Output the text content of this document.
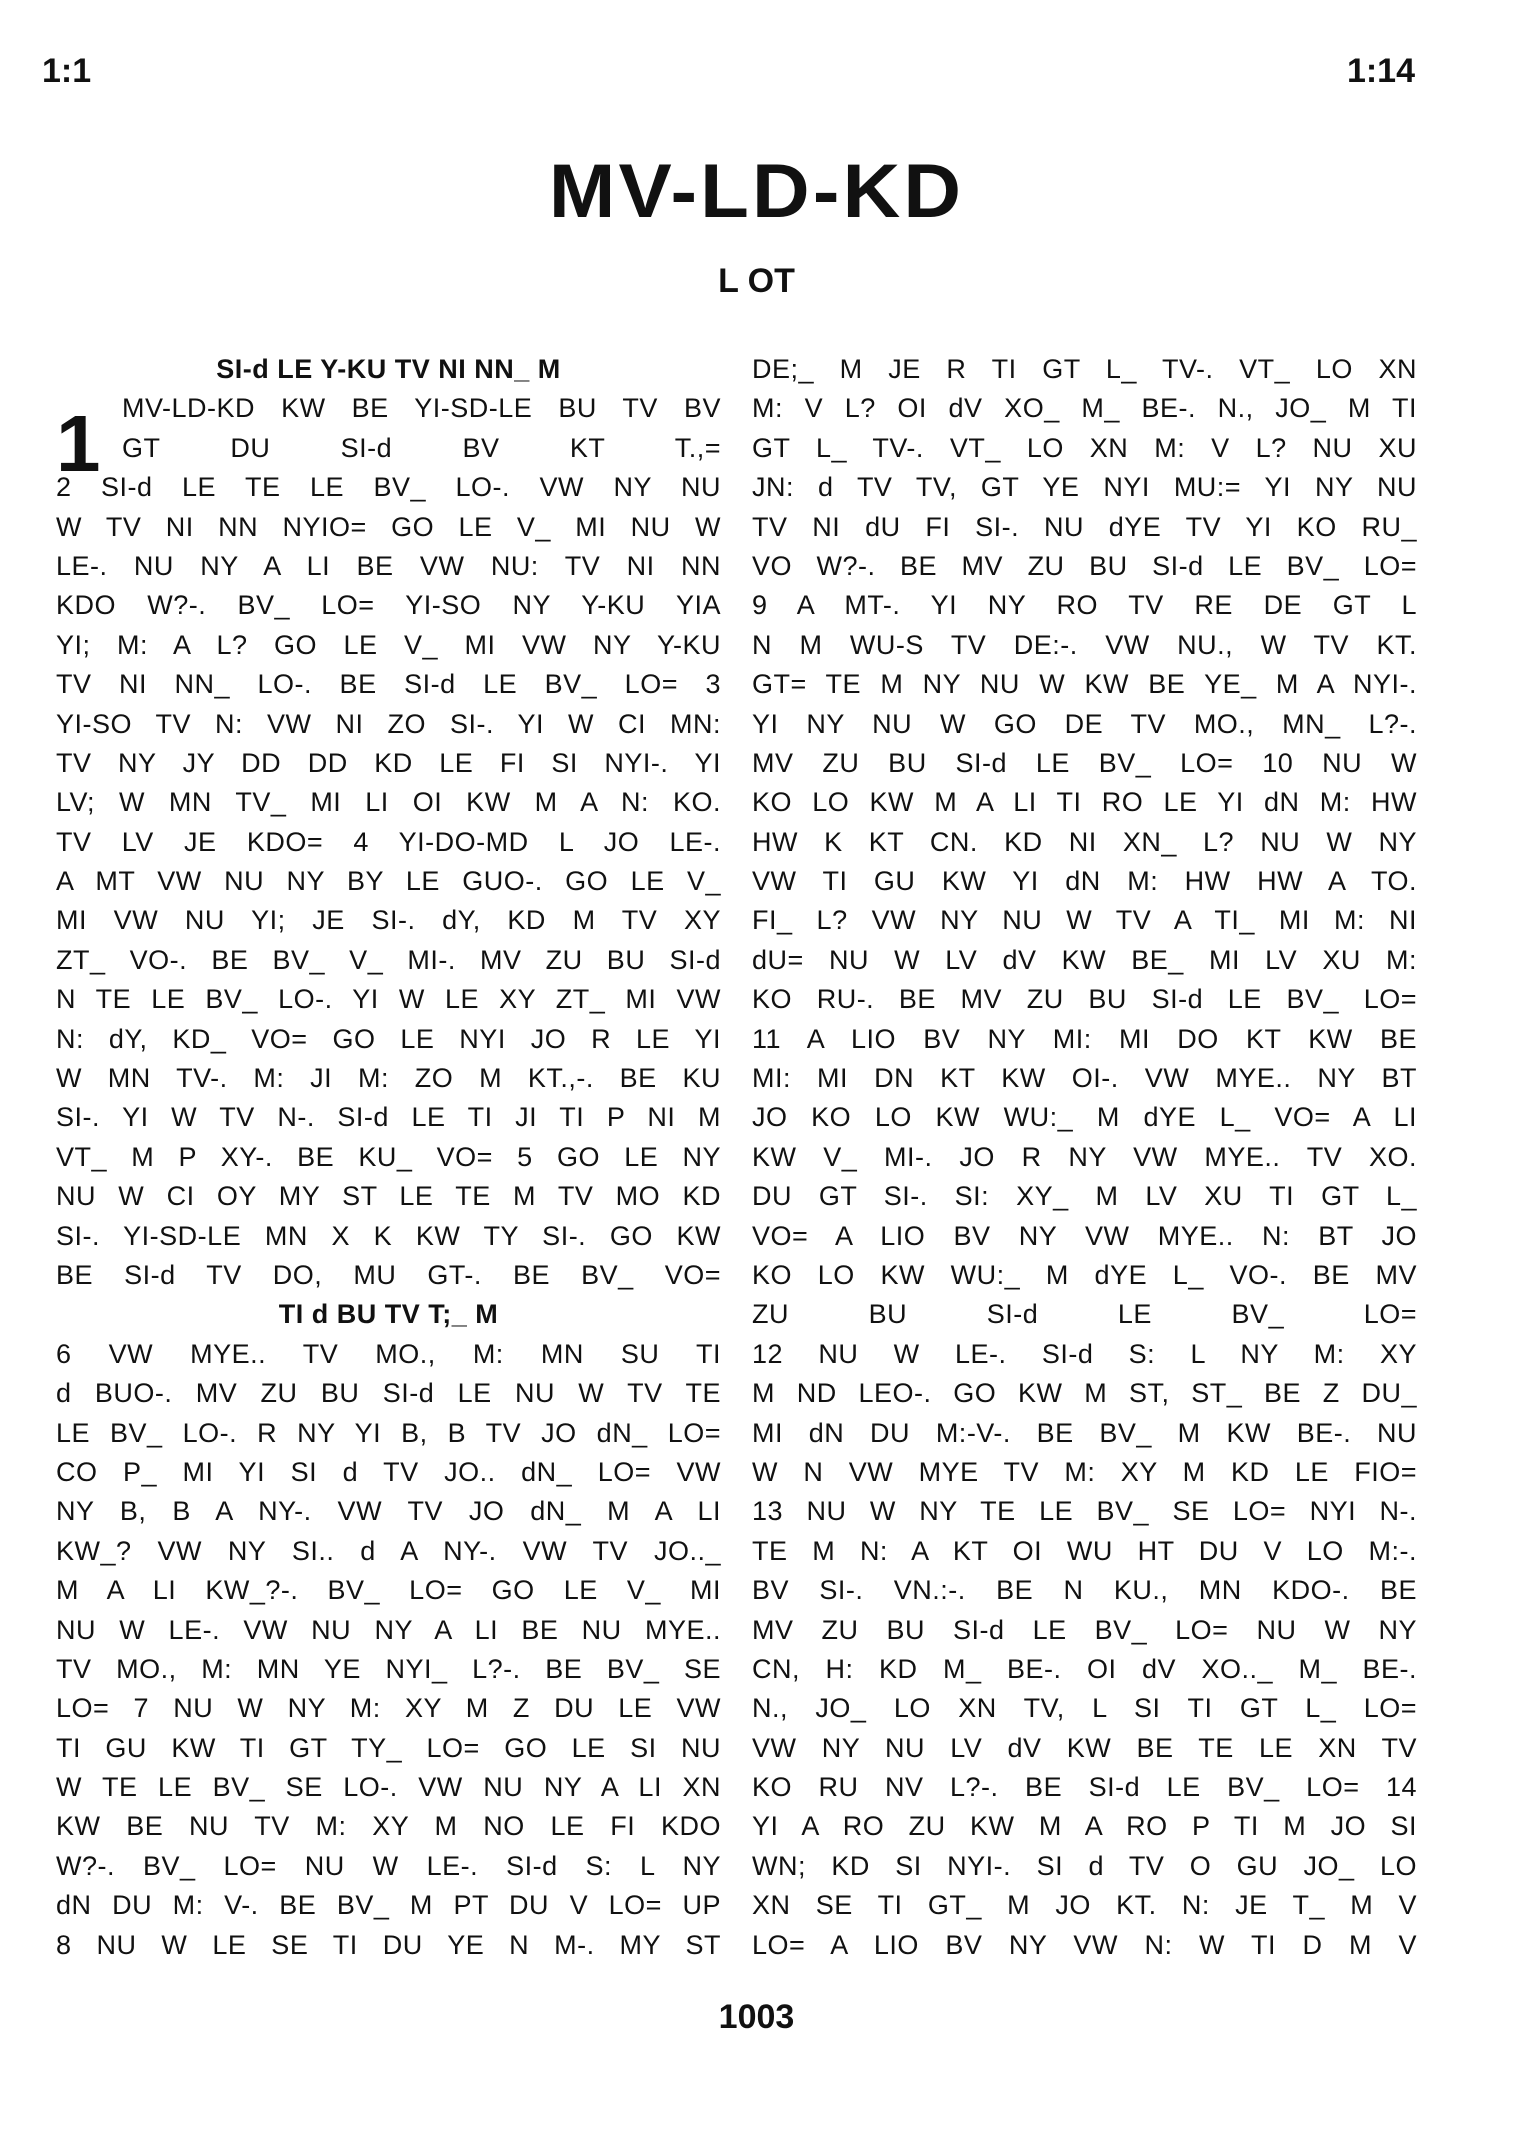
1:1	1:14
MV-LD-KD
L OT
SI-d LE Y-KU TV NI NN_ M
1 MV-LD-KD KW BE YI-SD-LE BU TV BV
GT DU SI-d BV KT T.,=
2 SI-d LE TE LE BV_ LO-. VW NY NU
W TV NI NN NYIO= GO LE V_ MI NU W
LE-. NU NY A LI BE VW NU: TV NI NN
KDO W?-. BV_ LO= YI-SO NY Y-KU YIA
YI; M: A L? GO LE V_ MI VW NY Y-KU
TV NI NN_ LO-. BE SI-d LE BV_ LO= 3
YI-SO TV N: VW NI ZO SI-. YI W CI MN:
TV NY JY DD DD KD LE FI SI NYI-. YI
LV; W MN TV_ MI LI OI KW M A N: KO.
TV LV JE KDO= 4 YI-DO-MD L JO LE-.
A MT VW NU NY BY LE GUO-. GO LE V_
MI VW NU YI; JE SI-. dY, KD M TV XY
ZT_ VO-. BE BV_ V_ MI-. MV ZU BU SI-d
N TE LE BV_ LO-. YI W LE XY ZT_ MI VW
N: dY, KD_ VO= GO LE NYI JO R LE YI
W MN TV-. M: JI M: ZO M KT.,-. BE KU
SI-. YI W TV N-. SI-d LE TI JI TI P NI M
VT_ M P XY-. BE KU_ VO= 5 GO LE NY
NU W CI OY MY ST LE TE M TV MO KD
SI-. YI-SD-LE MN X K KW TY SI-. GO KW
BE SI-d TV DO, MU GT-. BE BV_ VO=
TI d BU TV T;_ M
6 VW MYE.. TV MO., M: MN SU TI
d BUO-. MV ZU BU SI-d LE NU W TV TE
LE BV_ LO-. R NY YI B, B TV JO dN_ LO=
CO P_ MI YI SI d TV JO.. dN_ LO= VW
NY B, B A NY-. VW TV JO dN_ M A LI
KW_? VW NY SI.. d A NY-. VW TV JO.._
M A LI KW_?-. BV_ LO= GO LE V_ MI
NU W LE-. VW NU NY A LI BE NU MYE..
TV MO., M: MN YE NYI_ L?-. BE BV_ SE
LO= 7 NU W NY M: XY M Z DU LE VW
TI GU KW TI GT TY_ LO= GO LE SI NU
W TE LE BV_ SE LO-. VW NU NY A LI XN
KW BE NU TV M: XY M NO LE FI KDO
W?-. BV_ LO= NU W LE-. SI-d S: L NY
dN DU M: V-. BE BV_ M PT DU V LO= UP
8 NU W LE SE TI DU YE N M-. MY ST
DE;_ M JE R TI GT L_ TV-. VT_ LO XN
M: V L? OI dV XO_ M_ BE-. N., JO_ M TI
GT L_ TV-. VT_ LO XN M: V L? NU XU
JN: d TV TV, GT YE NYI MU:= YI NY NU
TV NI dU FI SI-. NU dYE TV YI KO RU_
VO W?-. BE MV ZU BU SI-d LE BV_ LO=
9 A MT-. YI NY RO TV RE DE GT L
N M WU-S TV DE:-. VW NU., W TV KT.
GT= TE M NY NU W KW BE YE_ M A NYI-.
YI NY NU W GO DE TV MO., MN_ L?-.
MV ZU BU SI-d LE BV_ LO= 10 NU W
KO LO KW M A LI TI RO LE YI dN M: HW
HW K KT CN. KD NI XN_ L? NU W NY
VW TI GU KW YI dN M: HW HW A TO.
FI_ L? VW NY NU W TV A TI_ MI M: NI
dU= NU W LV dV KW BE_ MI LV XU M:
KO RU-. BE MV ZU BU SI-d LE BV_ LO=
11 A LIO BV NY MI: MI DO KT KW BE
MI: MI DN KT KW OI-. VW MYE.. NY BT
JO KO LO KW WU:_ M dYE L_ VO= A LI
KW V_ MI-. JO R NY VW MYE.. TV XO.
DU GT SI-. SI: XY_ M LV XU TI GT L_
VO= A LIO BV NY VW MYE.. N: BT JO
KO LO KW WU:_ M dYE L_ VO-. BE MV
ZU BU SI-d LE BV_ LO=
12 NU W LE-. SI-d S: L NY M: XY
M ND LEO-. GO KW M ST, ST_ BE Z DU_
MI dN DU M:-V-. BE BV_ M KW BE-. NU
W N VW MYE TV M: XY M KD LE FIO=
13 NU W NY TE LE BV_ SE LO= NYI N-.
TE M N: A KT OI WU HT DU V LO M:-.
BV SI-. VN.:-. BE N KU., MN KDO-. BE
MV ZU BU SI-d LE BV_ LO= NU W NY
CN, H: KD M_ BE-. OI dV XO.._ M_ BE-.
N., JO_ LO XN TV, L SI TI GT L_ LO=
VW NY NU LV dV KW BE TE LE XN TV
KO RU NV L?-. BE SI-d LE BV_ LO= 14
YI A RO ZU KW M A RO P TI M JO SI
WN; KD SI NYI-. SI d TV O GU JO_ LO
XN SE TI GT_ M JO KT. N: JE T_ M V
LO= A LIO BV NY VW N: W TI D M V
1003
